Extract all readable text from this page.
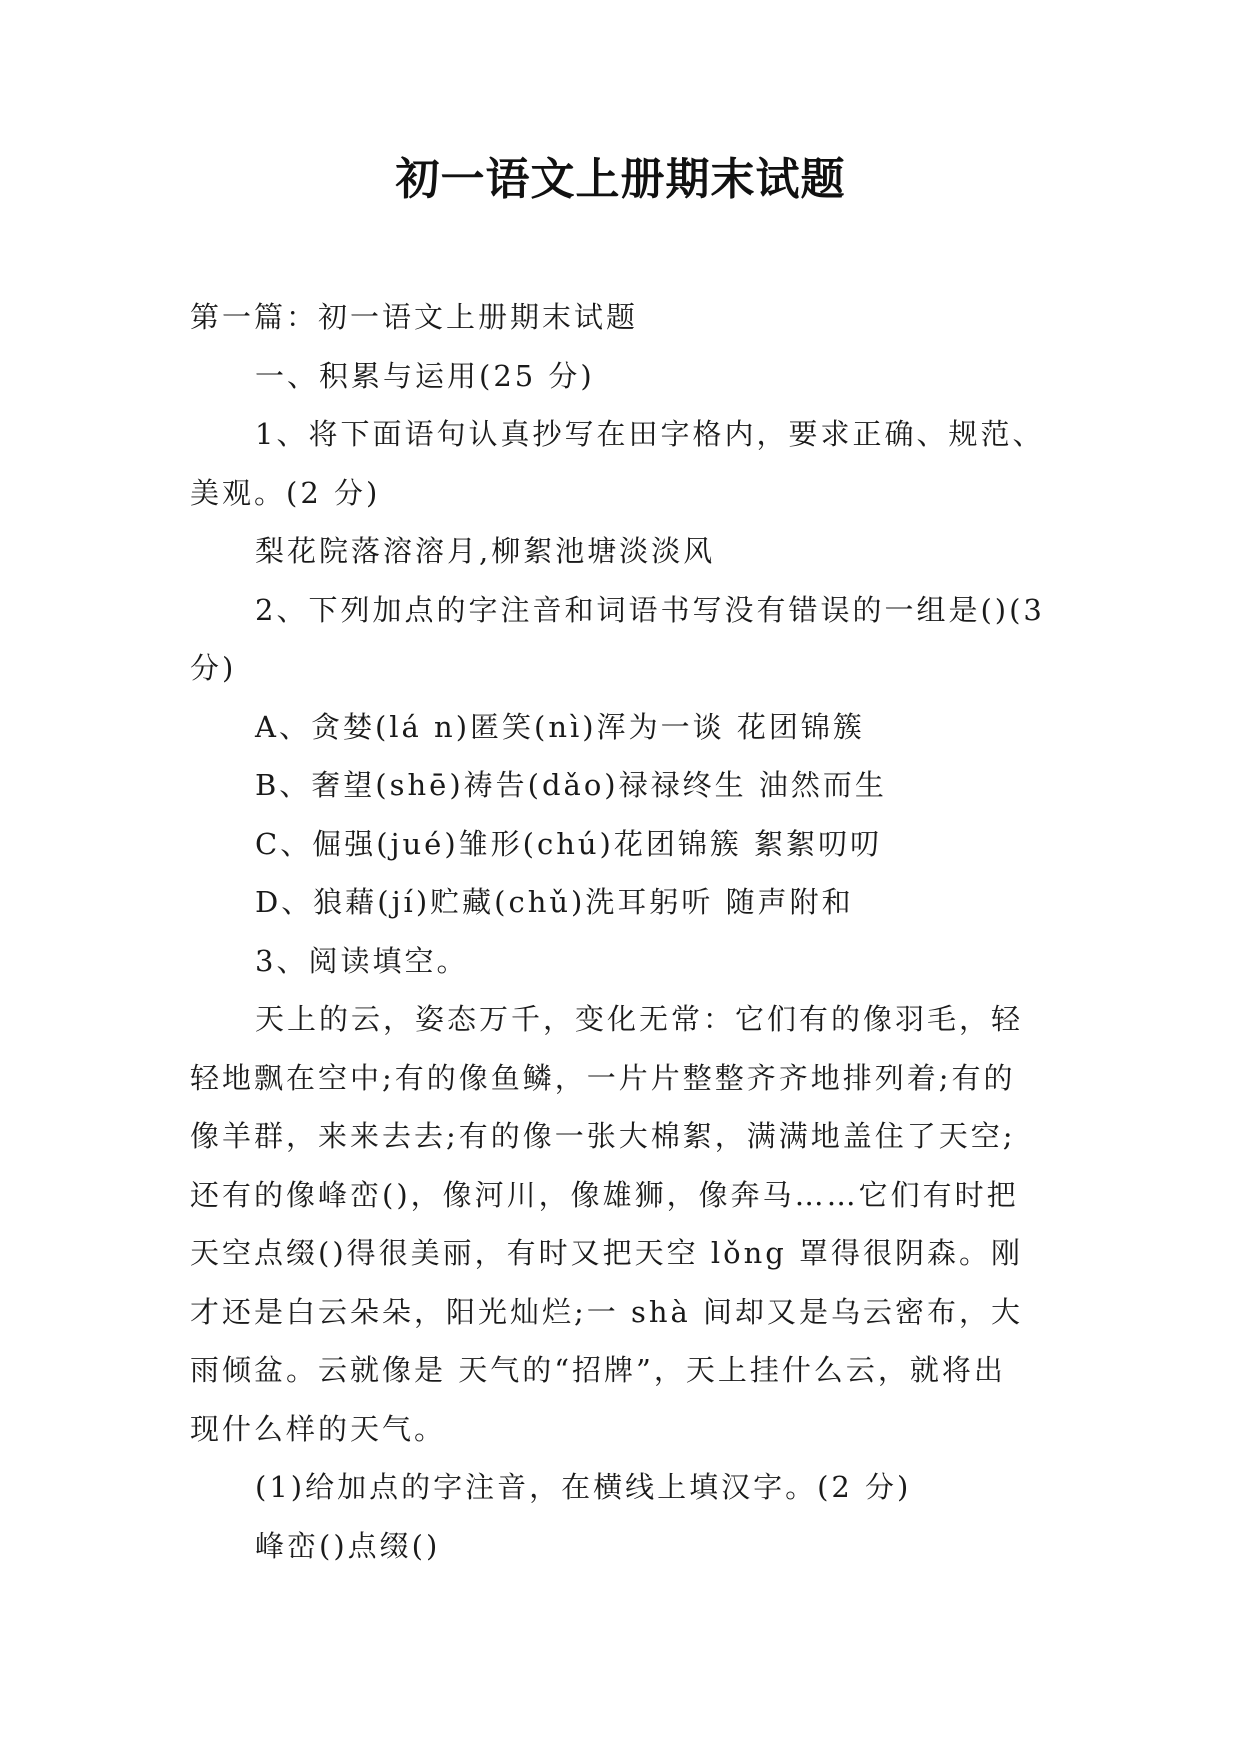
初一语文上册期末试题
第一篇：初一语文上册期末试题
一、积累与运用(25 分)
1、将下面语句认真抄写在田字格内，要求正确、规范、
美观。(2 分)
梨花院落溶溶月,柳絮池塘淡淡风
2、下列加点的字注音和词语书写没有错误的一组是()(3
分)
A、贪婪(lá n)匿笑(nì)浑为一谈 花团锦簇
B、奢望(shē)祷告(dǎo)禄禄终生 油然而生
C、倔强(jué)雏形(chú)花团锦簇 絮絮叨叨
D、狼藉(jí)贮藏(chǔ)洗耳躬听 随声附和
3、阅读填空。
天上的云，姿态万千，变化无常：它们有的像羽毛，轻
轻地飘在空中;有的像鱼鳞，一片片整整齐齐地排列着;有的
像羊群，来来去去;有的像一张大棉絮，满满地盖住了天空;
还有的像峰峦()，像河川，像雄狮，像奔马……它们有时把
天空点缀()得很美丽，有时又把天空 lǒng 罩得很阴森。刚
才还是白云朵朵，阳光灿烂;一 shà 间却又是乌云密布，大
雨倾盆。云就像是 天气的“招牌”，天上挂什么云，就将出
现什么样的天气。
(1)给加点的字注音，在横线上填汉字。(2 分)
峰峦()点缀()
